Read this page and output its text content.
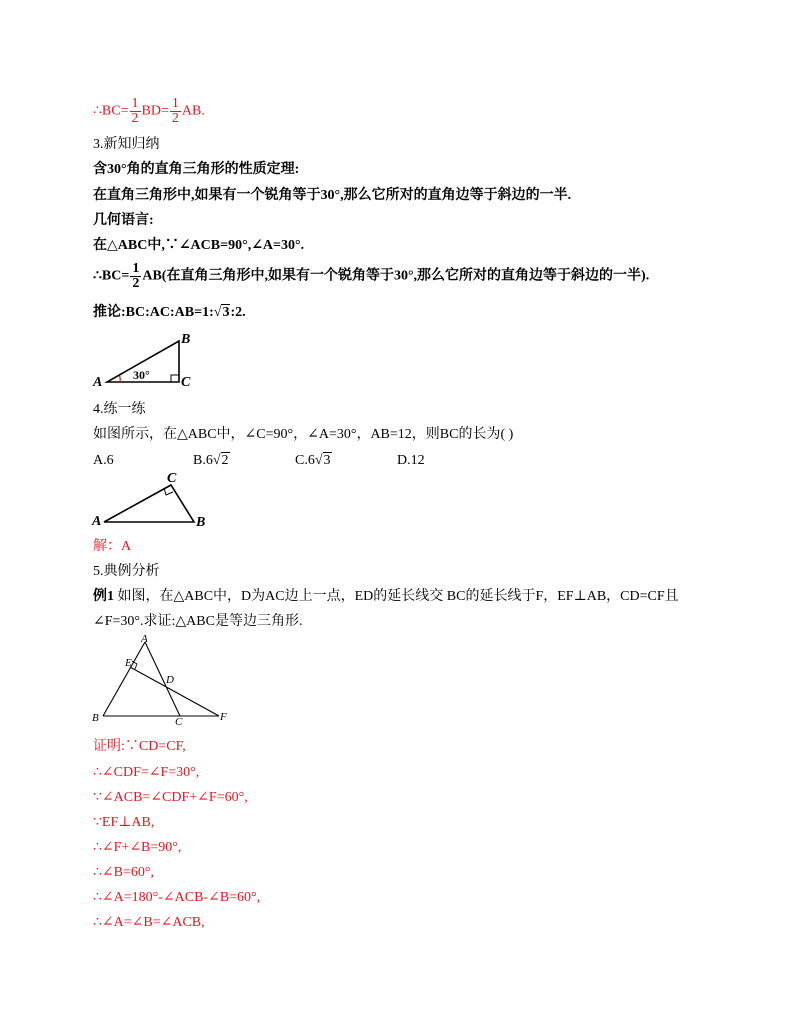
∴BC= $\frac{1}{2} BD= \frac{1}{2}$ AB.
3.新知归纳
含30°角的直角三角形的性质定理:
在直角三角形中,如果有一个锐角等于30°,那么它所对的直角边等于斜边的一半.
几何语言:
在△ABC中,∵∠ACB=90°,∠A=30°.
∴BC= $\frac{1}{2} AB$(在直角三角形中,如果有一个锐角等于30°,那么它所对的直角边等于斜边的一半).
推论:BC:AC:AB=1:√3:2.
A
B
C
30°
4.练一练
如图所示，在△ABC中，∠C=90°，∠A=30°，AB=12，则BC的长为( )
A.6	B.6√2	C.6√3	D.12
A	B
C
解：A
5.典例分析
例1 如图，在△ABC中，D为AC边上一点，ED的延长线交 BC的延长线于F，EF⊥AB，CD=CF且
∠F=30°.求证:△ABC是等边三角形.
A
B	C
D
E
F
证明:∵CD=CF,
∴∠CDF=∠F=30°,
∵∠ACB=∠CDF+∠F=60°,
∵EF⊥AB,
∴∠F+∠B=90°,
∴∠B=60°,
∴∠A=180°-∠ACB-∠B=60°,
∴∠A=∠B=∠ACB,
